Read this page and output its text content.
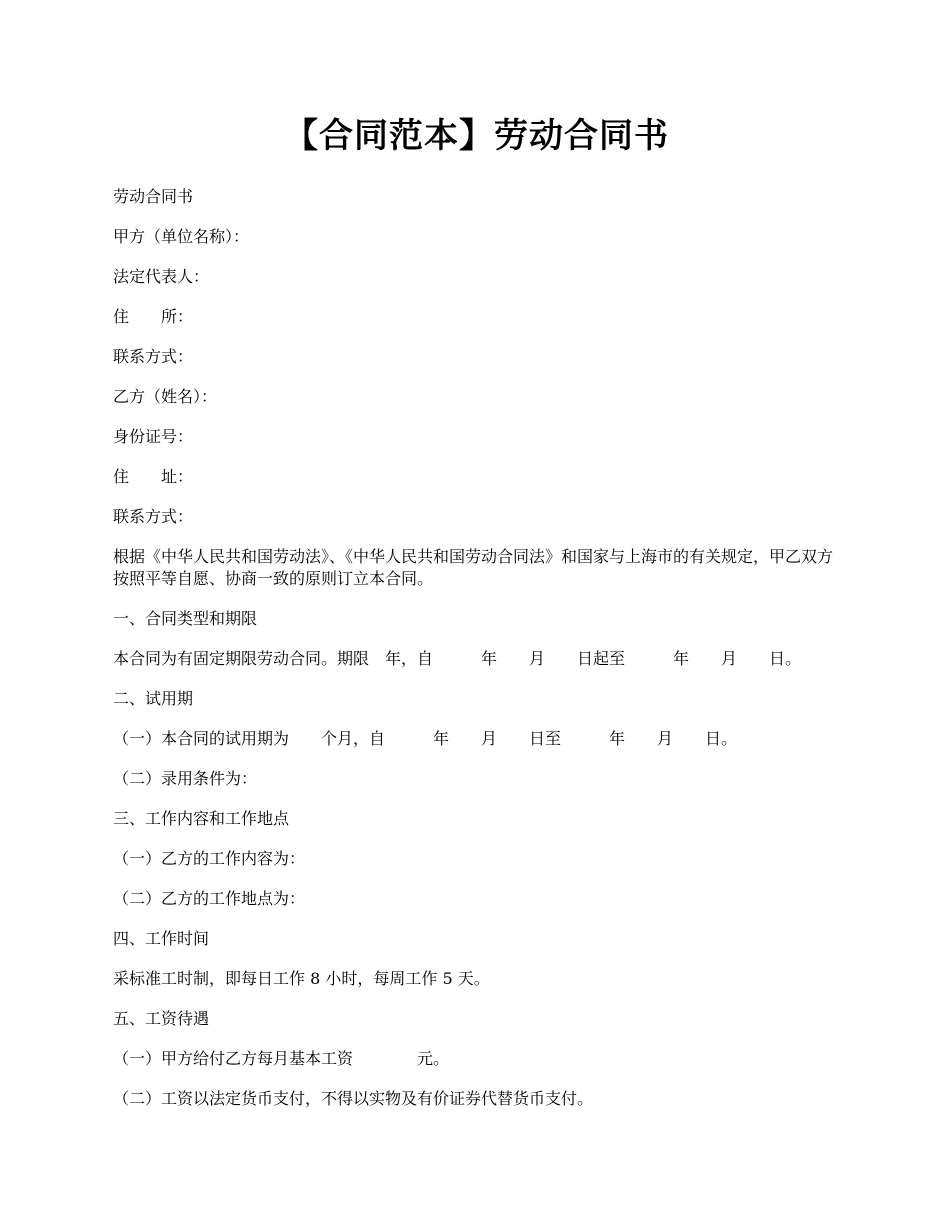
【合同范本】劳动合同书

劳动合同书

甲方（单位名称）：

法定代表人：

住　　所：

联系方式：

乙方（姓名）：

身份证号：

住　　址：

联系方式：

根据《中华人民共和国劳动法》、《中华人民共和国劳动合同法》和国家与上海市的有关规定，甲乙双方按照平等自愿、协商一致的原则订立本合同。

一、合同类型和期限

本合同为有固定期限劳动合同。期限　年，自　　　年　　月　　日起至　　　年　　月　　日。

二、试用期

（一）本合同的试用期为　　个月，自　　　年　　月　　日至　　　年　　月　　日。

（二）录用条件为：

三、工作内容和工作地点

（一）乙方的工作内容为：

（二）乙方的工作地点为：

四、工作时间

采标准工时制，即每日工作 8 小时，每周工作 5 天。

五、工资待遇

（一）甲方给付乙方每月基本工资　　　　元。

（二）工资以法定货币支付，不得以实物及有价证券代替货币支付。
